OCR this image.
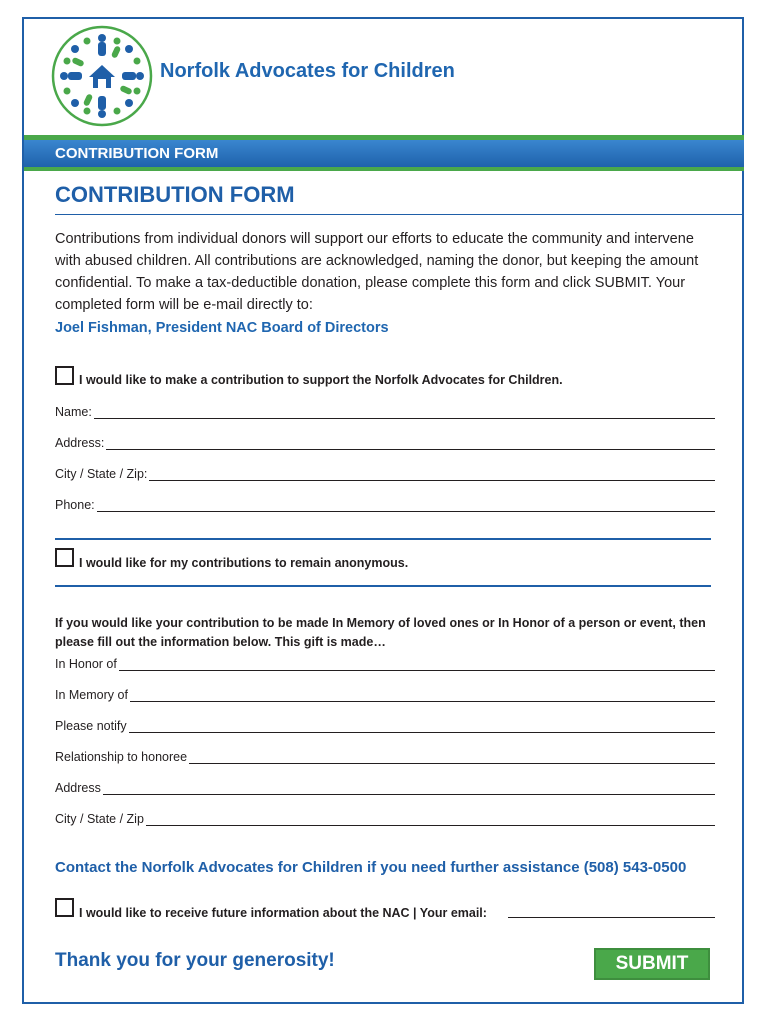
Norfolk Advocates for Children
CONTRIBUTION FORM
CONTRIBUTION FORM
Contributions from individual donors will support our efforts to educate the community and intervene with abused children. All contributions are acknowledged, naming the donor, but keeping the amount confidential. To make a tax-deductible donation, please complete this form and click SUBMIT. Your completed form will be e-mail directly to:
Joel Fishman, President NAC Board of Directors
I would like to make a contribution to support the Norfolk Advocates for Children.
Name:
Address:
City / State / Zip:
Phone:
I would like for my contributions to remain anonymous.
If you would like your contribution to be made In Memory of loved ones or In Honor of a person or event, then please fill out the information below. This gift is made…
In Honor of
In Memory of
Please notify
Relationship to honoree
Address
City / State / Zip
Contact the Norfolk Advocates for Children if you need further assistance (508) 543-0500
I would like to receive future information about the NAC | Your email:
Thank you for your generosity!	SUBMIT
